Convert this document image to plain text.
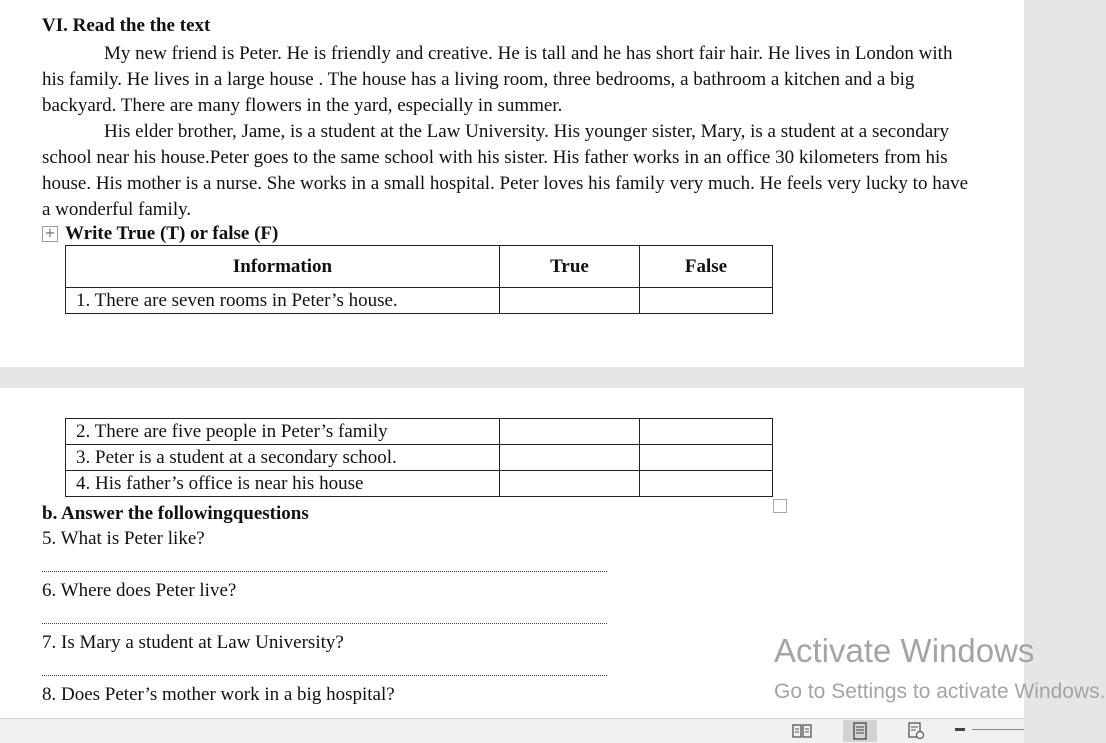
VI. Read the the text

My new friend is Peter. He is friendly and creative. He is tall and he has short fair hair. He lives in London with his family. He lives in a large house . The house has a living room, three bedrooms, a bathroom a kitchen and a big backyard. There are many flowers in the yard, especially in summer.

His elder brother, Jame, is a student at the Law University. His younger sister, Mary, is a student at a secondary school near his house.Peter goes to the same school with his sister. His father works in an office 30 kilometers from his house. His mother is a nurse. She works in a small hospital. Peter loves his family very much. He feels very lucky to have a wonderful family.

+ Write True (T) or false (F)
Information	True	False
1. There are seven rooms in Peter’s house.		
2. There are five people in Peter’s family		
3. Peter is a student at a secondary school.		
4. His father’s office is near his house		
b. Answer the followingquestions
5. What is Peter like?
6. Where does Peter live?
7. Is Mary a student at Law University?
8. Does Peter’s mother work in a big hospital?
Activate Windows
Go to Settings to activate Windows.
